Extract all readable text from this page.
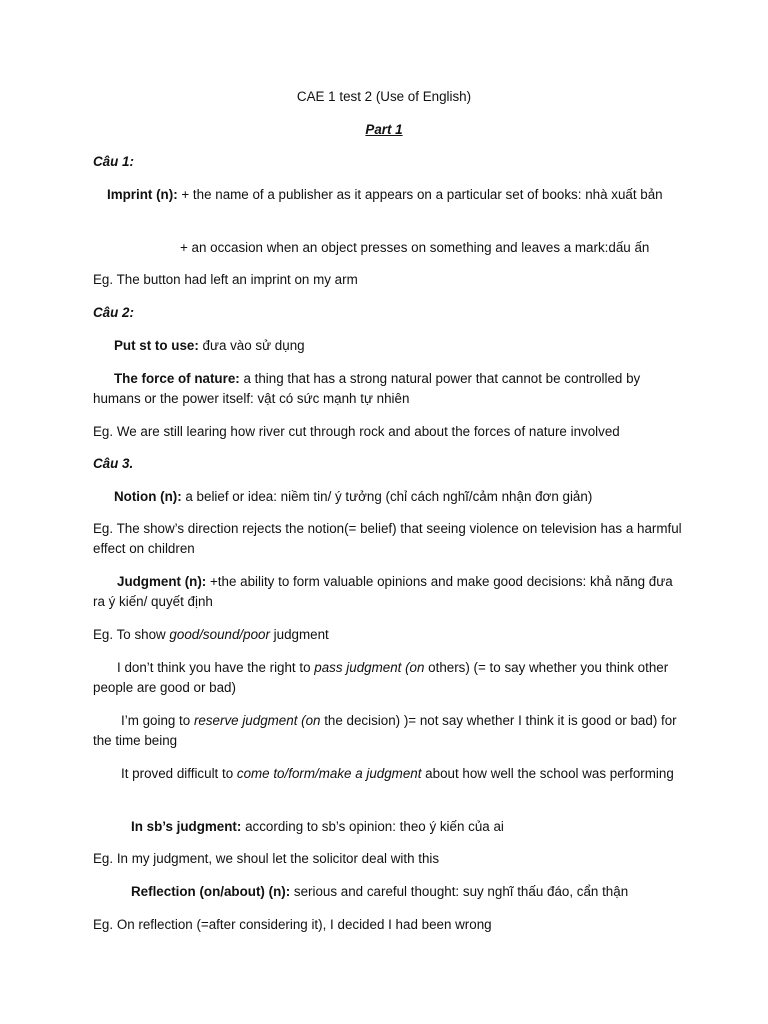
CAE 1 test 2 (Use of English)

Part 1

Câu 1:

Imprint (n): + the name of a publisher as it appears on a particular set of books: nhà xuất bản

+ an occasion when an object presses on something and leaves a mark:dấu ấn

Eg. The button had left an imprint on my arm

Câu 2:

Put st to use: đưa vào sử dụng

The force of nature: a thing that has a strong natural power that cannot be controlled by humans or the power itself: vật có sức mạnh tự nhiên

Eg. We are still learing how river cut through rock and about the forces of nature involved

Câu 3.

Notion (n): a belief or idea: niềm tin/ ý tưởng (chỉ cách nghĩ/cảm nhận đơn giản)

Eg. The show’s direction rejects the notion(= belief) that seeing violence on television has a harmful effect on children

Judgment (n): +the ability to form valuable opinions and make good decisions: khả năng đưa ra ý kiến/ quyết định

Eg. To show good/sound/poor judgment

I don’t think you have the right to pass judgment (on others) (= to say whether you think other people are good or bad)

I’m going to reserve judgment (on the decision) )= not say whether I think it is good or bad) for the time being

It proved difficult to come to/form/make a judgment about how well the school was performing

In sb’s judgment: according to sb’s opinion: theo ý kiến của ai

Eg. In my judgment, we shoul let the solicitor deal with this

Reflection (on/about) (n): serious and careful thought: suy nghĩ thấu đáo, cẩn thận

Eg. On reflection (=after considering it), I decided I had been wrong
